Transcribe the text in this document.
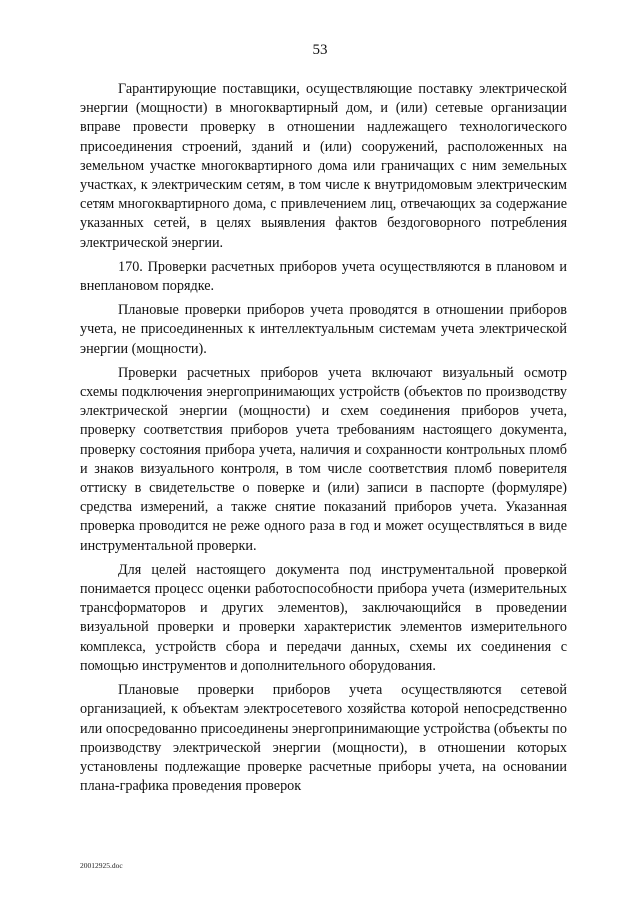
53

Гарантирующие поставщики, осуществляющие поставку электрической энергии (мощности) в многоквартирный дом, и (или) сетевые организации вправе провести проверку в отношении надлежащего технологического присоединения строений, зданий и (или) сооружений, расположенных на земельном участке многоквартирного дома или граничащих с ним земельных участках, к электрическим сетям, в том числе к внутридомовым электрическим сетям многоквартирного дома, с привлечением лиц, отвечающих за содержание указанных сетей, в целях выявления фактов бездоговорного потребления электрической энергии.

170. Проверки расчетных приборов учета осуществляются в плановом и внеплановом порядке.

Плановые проверки приборов учета проводятся в отношении приборов учета, не присоединенных к интеллектуальным системам учета электрической энергии (мощности).

Проверки расчетных приборов учета включают визуальный осмотр схемы подключения энергопринимающих устройств (объектов по производству электрической энергии (мощности) и схем соединения приборов учета, проверку соответствия приборов учета требованиям настоящего документа, проверку состояния прибора учета, наличия и сохранности контрольных пломб и знаков визуального контроля, в том числе соответствия пломб поверителя оттиску в свидетельстве о поверке и (или) записи в паспорте (формуляре) средства измерений, а также снятие показаний приборов учета. Указанная проверка проводится не реже одного раза в год и может осуществляться в виде инструментальной проверки.

Для целей настоящего документа под инструментальной проверкой понимается процесс оценки работоспособности прибора учета (измерительных трансформаторов и других элементов), заключающийся в проведении визуальной проверки и проверки характеристик элементов измерительного комплекса, устройств сбора и передачи данных, схемы их соединения с помощью инструментов и дополнительного оборудования.

Плановые проверки приборов учета осуществляются сетевой организацией, к объектам электросетевого хозяйства которой непосредственно или опосредованно присоединены энергопринимающие устройства (объекты по производству электрической энергии (мощности), в отношении которых установлены подлежащие проверке расчетные приборы учета, на основании плана-графика проведения проверок

20012925.doc
